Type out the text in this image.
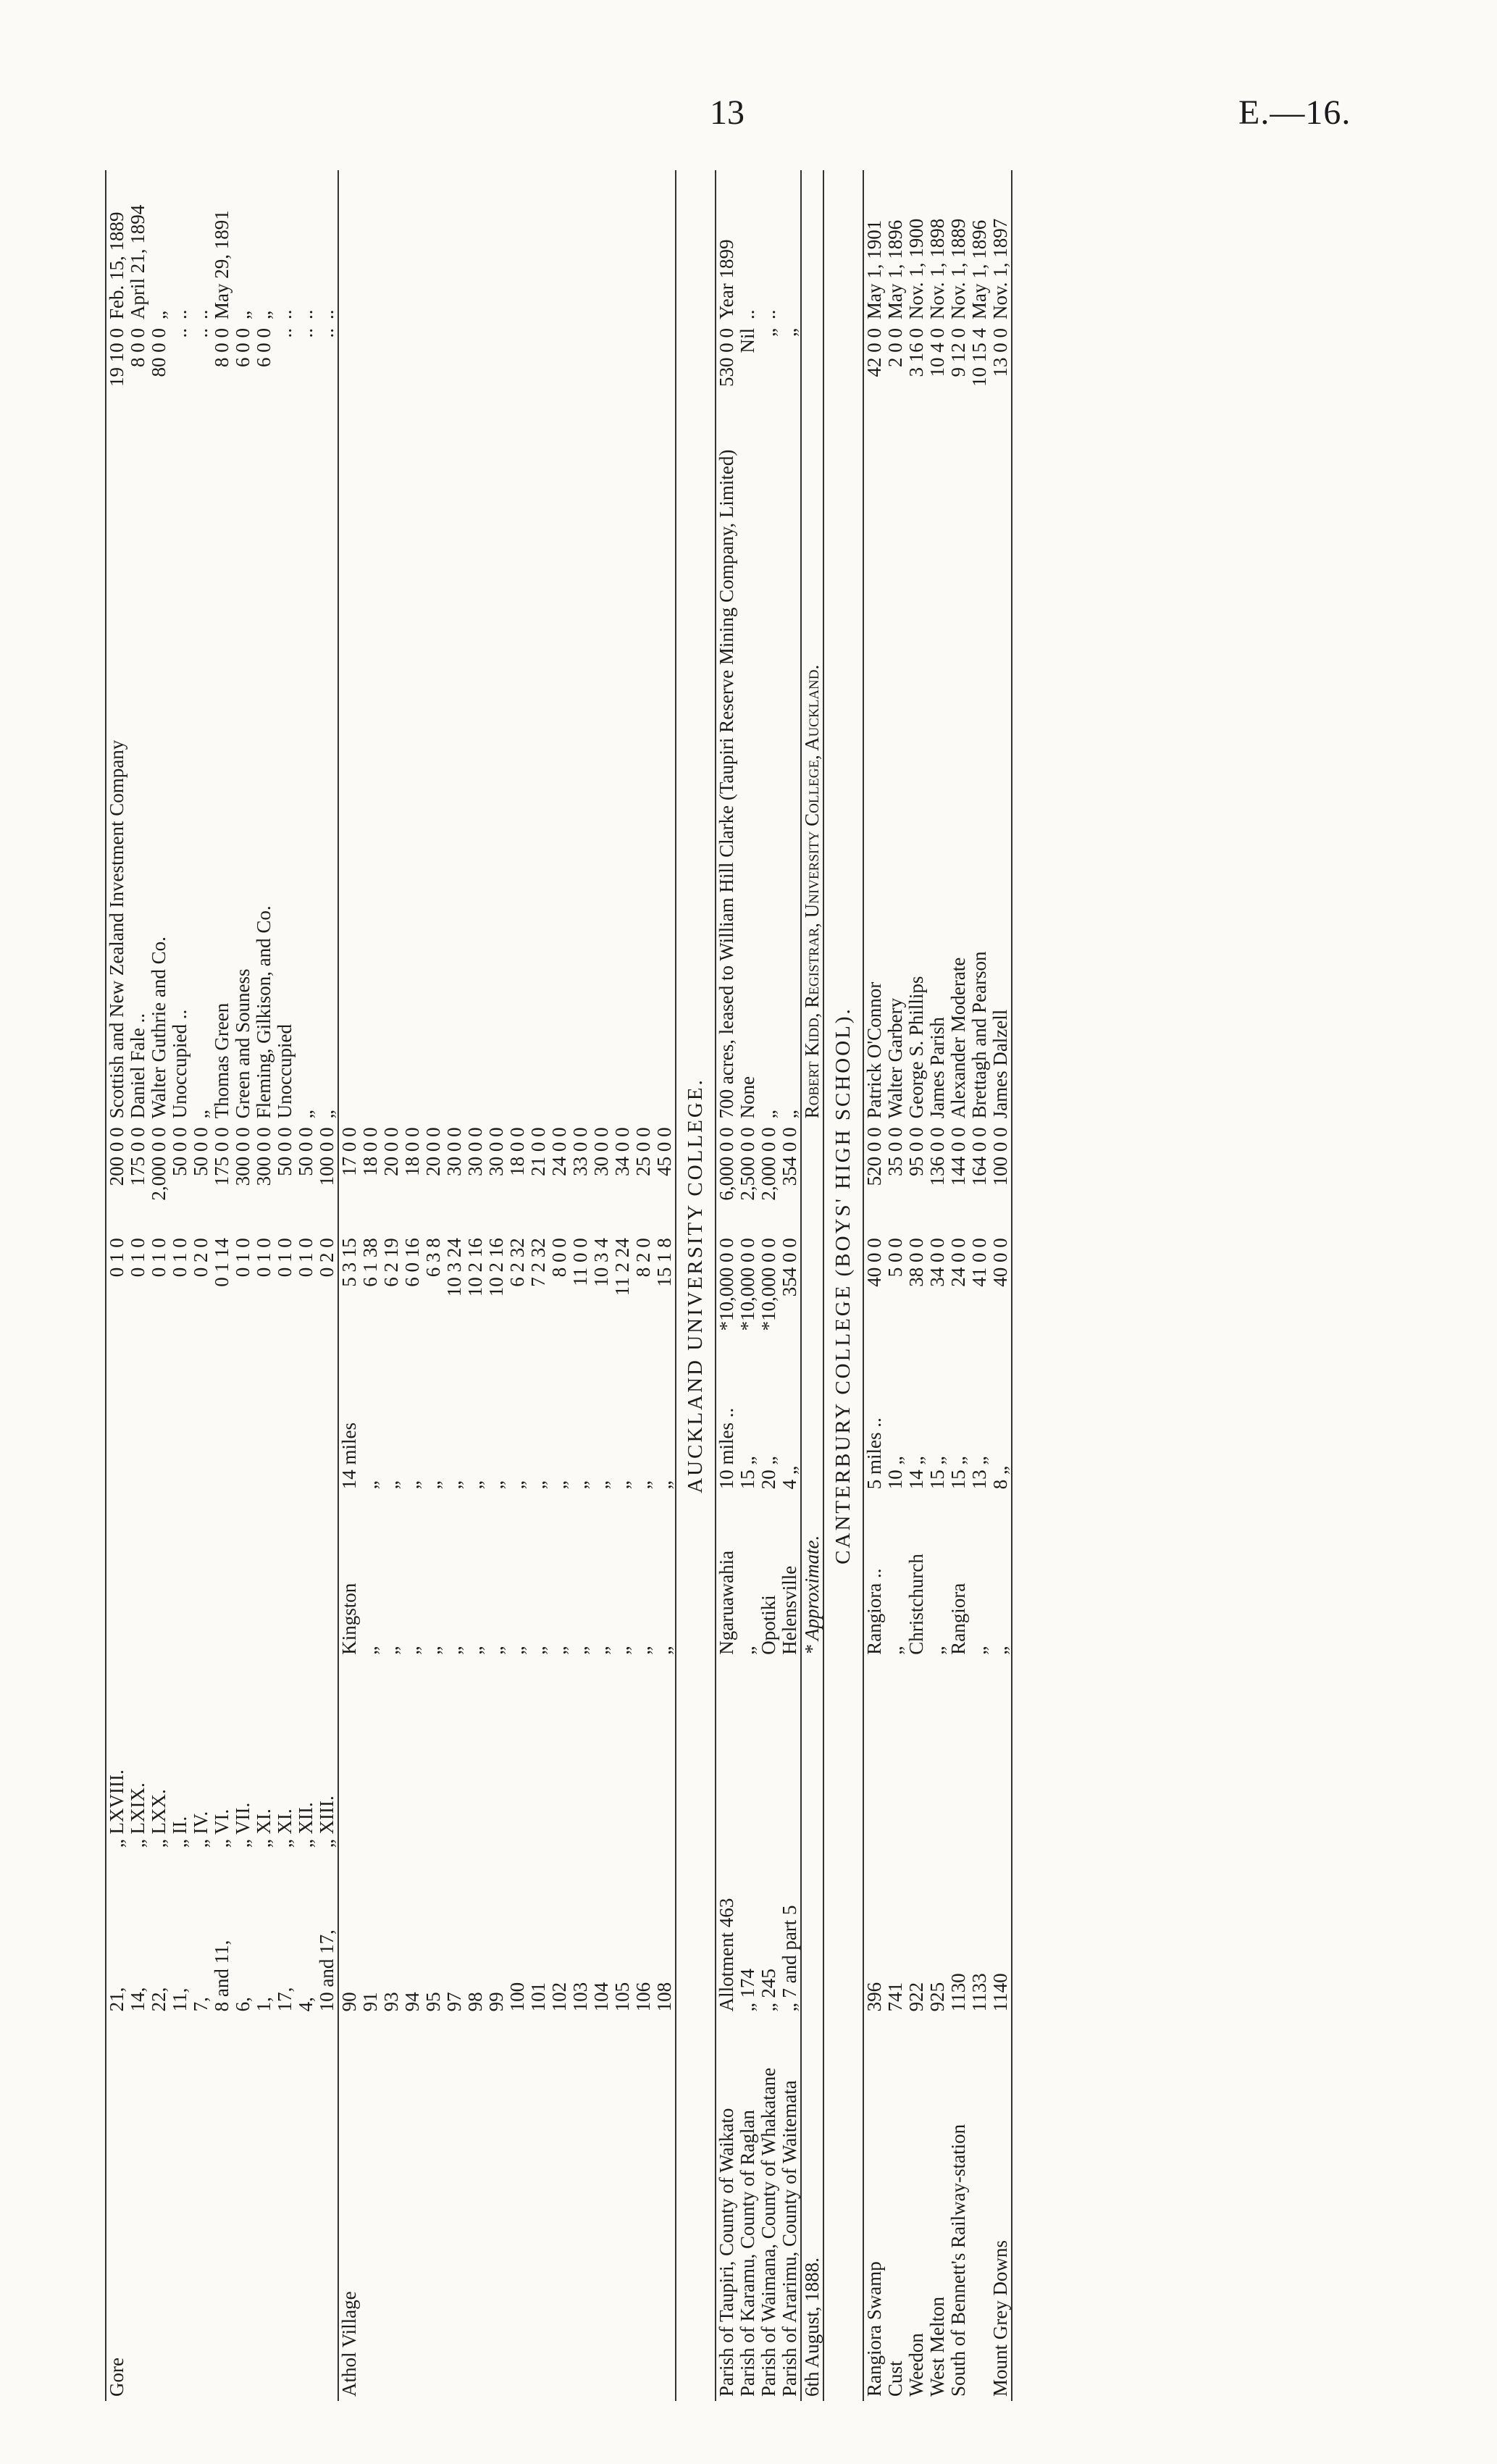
13	E.—16.
Gore	21,	„ LXVIII.			0 1 0	200 0 0	Scottish and New Zealand Investment Company	19 10 0	Feb. 15, 1889
	14,	„ LXIX.			0 1 0	175 0 0	Daniel Fale ..	8 0 0	April 21, 1894
	22,	„ LXX.			0 1 0	2,000 0 0	Walter Guthrie and Co.	80 0 0	„
	11,	„ II.			0 1 0	50 0 0	Unoccupied ..	..	..
	7,	„ IV.			0 2 0	50 0 0	„	..	..
	8 and 11,	„ VI.			0 1 14	175 0 0	Thomas Green	8 0 0	May 29, 1891
	6,	„ VII.			0 1 0	300 0 0	Green and Souness	6 0 0	„
	1,	„ XI.			0 1 0	300 0 0	Fleming, Gilkison, and Co.	6 0 0	„
	17,	„ XI.			0 1 0	50 0 0	Unoccupied	..	..
	4,	„ XII.			0 1 0	50 0 0	„	..	..
	10 and 17,	„ XIII.			0 2 0	100 0 0	„	..	..
Athol Village	90		Kingston	14 miles	5 3 15	17 0 0			
	91		„	„	6 1 38	18 0 0			
	93		„	„	6 2 19	20 0 0			
	94		„	„	6 0 16	18 0 0			
	95		„	„	6 3 8	20 0 0			
	97		„	„	10 3 24	30 0 0			
	98		„	„	10 2 16	30 0 0			
	99		„	„	10 2 16	30 0 0			
	100		„	„	6 2 32	18 0 0			
	101		„	„	7 2 32	21 0 0			
	102		„	„	8 0 0	24 0 0			
	103		„	„	11 0 0	33 0 0			
	104		„	„	10 3 4	30 0 0			
	105		„	„	11 2 24	34 0 0			
	106		„	„	8 2 0	25 0 0			
	108		„	„	15 1 8	45 0 0			
AUCKLAND UNIVERSITY COLLEGE.									
Parish of Taupiri, County of Waikato	Allotment 463		Ngaruawahia	10 miles ..	*10,000 0 0	6,000 0 0	700 acres, leased to William Hill Clarke (Taupiri Reserve Mining Company, Limited)	530 0 0	Year 1899
Parish of Karamu, County of Raglan	„ 174		„	15 „	*10,000 0 0	2,500 0 0	None	Nil	..
Parish of Waimana, County of Whakatane	„ 245		Opotiki	20 „	*10,000 0 0	2,000 0 0	„	„	..
Parish of Ararimu, County of Waitemata	„ 7 and part 5		Helensville	4 „	354 0 0	354 0 0	„	„	
6th August, 1888.			* Approximate.				Robert Kidd, Registrar, University College, Auckland.		
CANTERBURY COLLEGE (BOYS' HIGH SCHOOL).									
Rangiora Swamp	396		Rangiora ..	5 miles ..	40 0 0	520 0 0	Patrick O'Connor	42 0 0	May 1, 1901
Cust	741		„	10 „	5 0 0	35 0 0	Walter Garbery	2 0 0	May 1, 1896
Weedon	922		Christchurch	14 „	38 0 0	95 0 0	George S. Phillips	3 16 0	Nov. 1, 1900
West Melton	925		„	15 „	34 0 0	136 0 0	James Parish	10 4 0	Nov. 1, 1898
South of Bennett's Railway-station	1130		Rangiora	15 „	24 0 0	144 0 0	Alexander Moderate	9 12 0	Nov. 1, 1889
	1133		„	13 „	41 0 0	164 0 0	Brettagh and Pearson	10 15 4	May 1, 1896
Mount Grey Downs	1140		„	8 „	40 0 0	100 0 0	James Dalzell	13 0 0	Nov. 1, 1897
